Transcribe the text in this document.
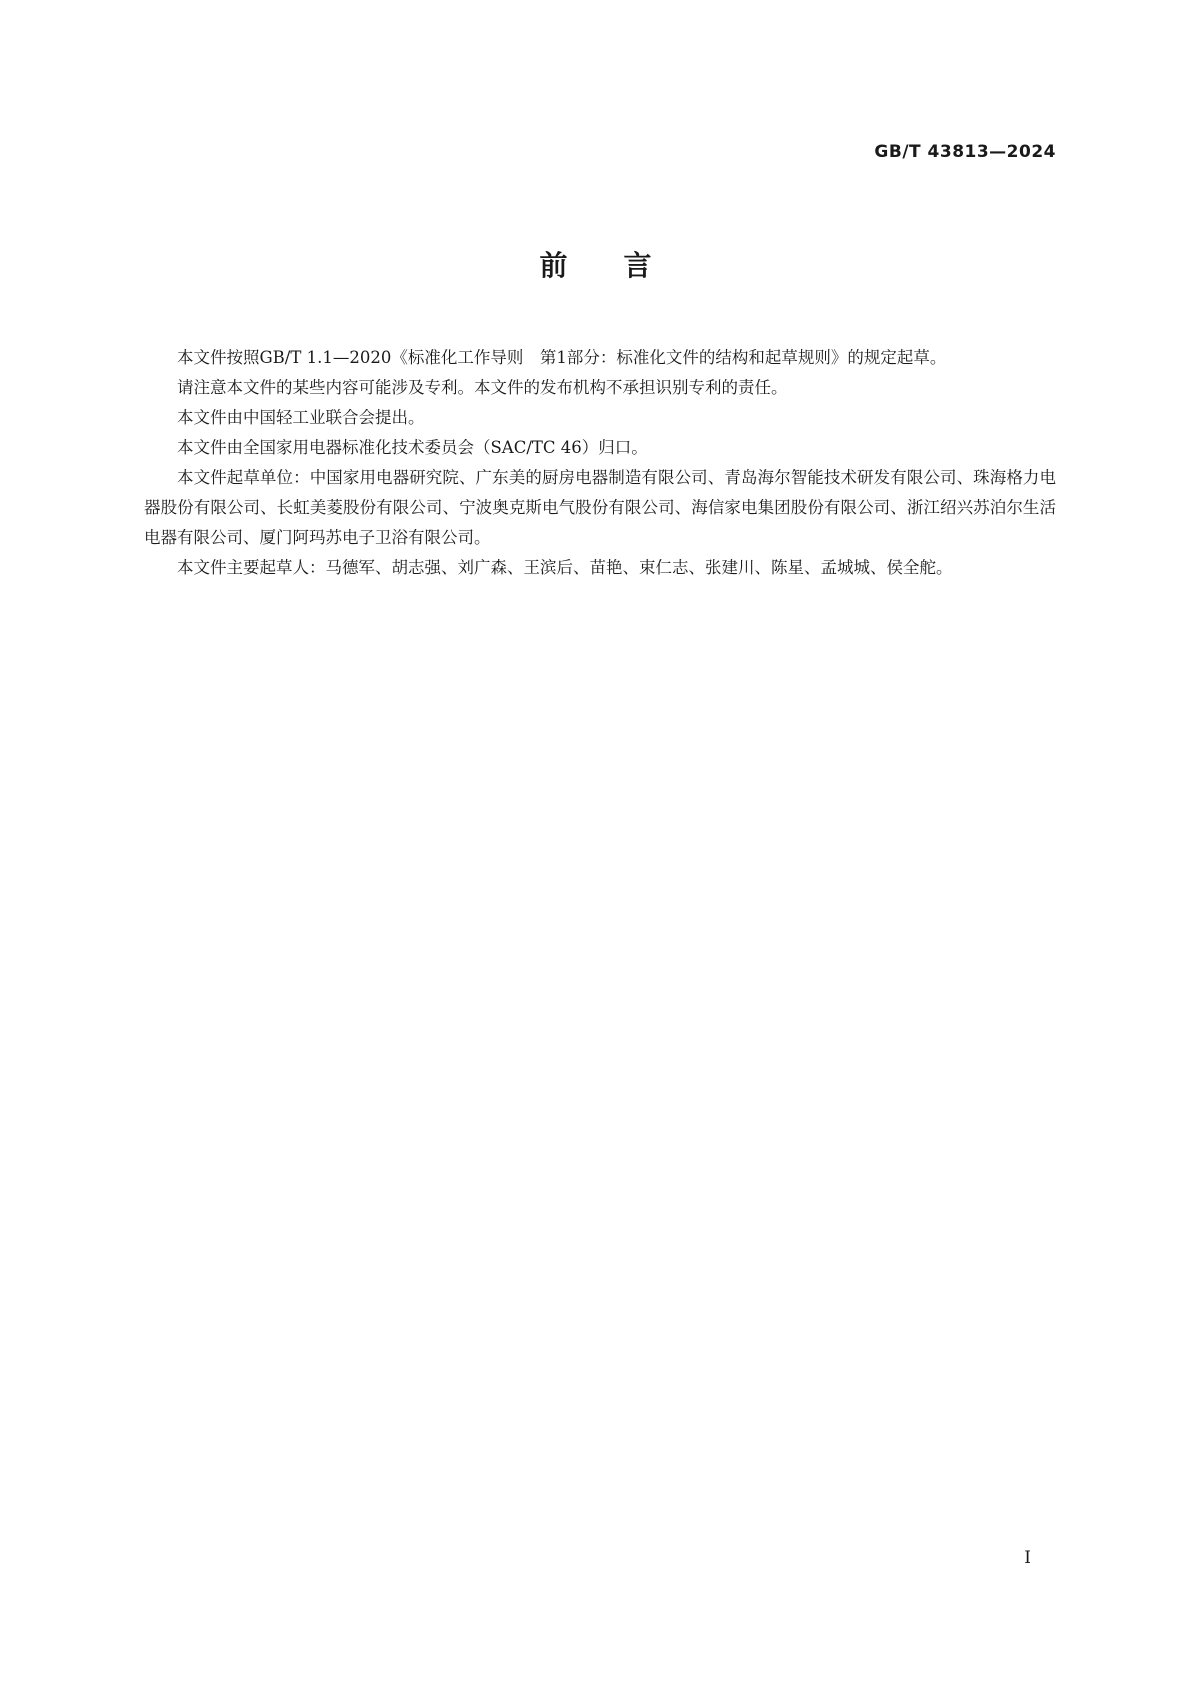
GB/T 43813—2024
前言

本文件按照GB/T 1.1—2020《标准化工作导则　第1部分：标准化文件的结构和起草规则》的规定起草。

请注意本文件的某些内容可能涉及专利。本文件的发布机构不承担识别专利的责任。

本文件由中国轻工业联合会提出。

本文件由全国家用电器标准化技术委员会（SAC/TC 46）归口。

本文件起草单位：中国家用电器研究院、广东美的厨房电器制造有限公司、青岛海尔智能技术研发有限公司、珠海格力电器股份有限公司、长虹美菱股份有限公司、宁波奥克斯电气股份有限公司、海信家电集团股份有限公司、浙江绍兴苏泊尔生活电器有限公司、厦门阿玛苏电子卫浴有限公司。

本文件主要起草人：马德军、胡志强、刘广森、王滨后、苗艳、束仁志、张建川、陈星、孟城城、侯全舵。

I
